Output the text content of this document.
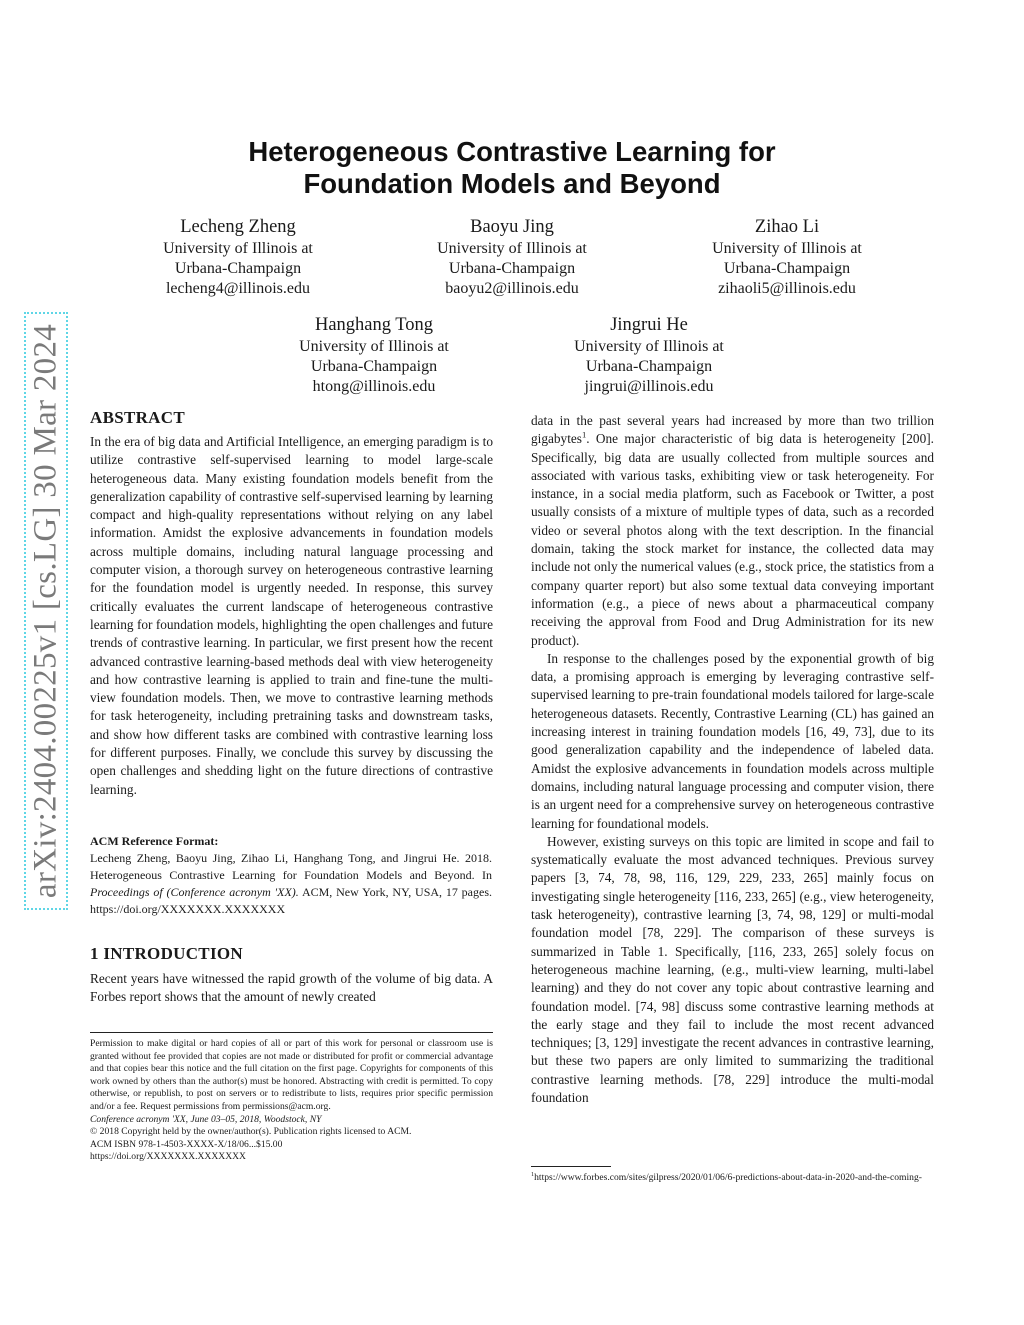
arXiv:2404.00225v1 [cs.LG] 30 Mar 2024
Heterogeneous Contrastive Learning for
Foundation Models and Beyond
Lecheng Zheng
University of Illinois at
Urbana-Champaign
lecheng4@illinois.edu
Baoyu Jing
University of Illinois at
Urbana-Champaign
baoyu2@illinois.edu
Zihao Li
University of Illinois at
Urbana-Champaign
zihaoli5@illinois.edu
Hanghang Tong
University of Illinois at
Urbana-Champaign
htong@illinois.edu
Jingrui He
University of Illinois at
Urbana-Champaign
jingrui@illinois.edu
ABSTRACT

In the era of big data and Artificial Intelligence, an emerging paradigm is to utilize contrastive self-supervised learning to model large-scale heterogeneous data. Many existing foundation models benefit from the generalization capability of contrastive self-supervised learning by learning compact and high-quality representations without relying on any label information. Amidst the explosive advancements in foundation models across multiple domains, including natural language processing and computer vision, a thorough survey on heterogeneous contrastive learning for the foundation model is urgently needed. In response, this survey critically evaluates the current landscape of heterogeneous contrastive learning for foundation models, highlighting the open challenges and future trends of contrastive learning. In particular, we first present how the recent advanced contrastive learning-based methods deal with view heterogeneity and how contrastive learning is applied to train and fine-tune the multi-view foundation models. Then, we move to contrastive learning methods for task heterogeneity, including pretraining tasks and downstream tasks, and show how different tasks are combined with contrastive learning loss for different purposes. Finally, we conclude this survey by discussing the open challenges and shedding light on the future directions of contrastive learning.

ACM Reference Format:
Lecheng Zheng, Baoyu Jing, Zihao Li, Hanghang Tong, and Jingrui He. 2018. Heterogeneous Contrastive Learning for Foundation Models and Beyond. In Proceedings of (Conference acronym 'XX). ACM, New York, NY, USA, 17 pages. https://doi.org/XXXXXXX.XXXXXXX
1 INTRODUCTION

Recent years have witnessed the rapid growth of the volume of big data. A Forbes report shows that the amount of newly created

Permission to make digital or hard copies of all or part of this work for personal or classroom use is granted without fee provided that copies are not made or distributed for profit or commercial advantage and that copies bear this notice and the full citation on the first page. Copyrights for components of this work owned by others than the author(s) must be honored. Abstracting with credit is permitted. To copy otherwise, or republish, to post on servers or to redistribute to lists, requires prior specific permission and/or a fee. Request permissions from permissions@acm.org.
Conference acronym 'XX, June 03–05, 2018, Woodstock, NY
© 2018 Copyright held by the owner/author(s). Publication rights licensed to ACM.
ACM ISBN 978-1-4503-XXXX-X/18/06...$15.00
https://doi.org/XXXXXXX.XXXXXXX

data in the past several years had increased by more than two trillion gigabytes$^1$. One major characteristic of big data is heterogeneity [200]. Specifically, big data are usually collected from multiple sources and associated with various tasks, exhibiting view or task heterogeneity. For instance, in a social media platform, such as Facebook or Twitter, a post usually consists of a mixture of multiple types of data, such as a recorded video or several photos along with the text description. In the financial domain, taking the stock market for instance, the collected data may include not only the numerical values (e.g., stock price, the statistics from a company quarter report) but also some textual data conveying important information (e.g., a piece of news about a pharmaceutical company receiving the approval from Food and Drug Administration for its new product).

In response to the challenges posed by the exponential growth of big data, a promising approach is emerging by leveraging contrastive self-supervised learning to pre-train foundational models tailored for large-scale heterogeneous datasets. Recently, Contrastive Learning (CL) has gained an increasing interest in training foundation models [16, 49, 73], due to its good generalization capability and the independence of labeled data. Amidst the explosive advancements in foundation models across multiple domains, including natural language processing and computer vision, there is an urgent need for a comprehensive survey on heterogeneous contrastive learning for foundational models.

However, existing surveys on this topic are limited in scope and fail to systematically evaluate the most advanced techniques. Previous survey papers [3, 74, 78, 98, 116, 129, 229, 233, 265] mainly focus on investigating single heterogeneity [116, 233, 265] (e.g., view heterogeneity, task heterogeneity), contrastive learning [3, 74, 98, 129] or multi-modal foundation model [78, 229]. The comparison of these surveys is summarized in Table 1. Specifically, [116, 233, 265] solely focus on heterogeneous machine learning, (e.g., multi-view learning, multi-label learning) and they do not cover any topic about contrastive learning and foundation model. [74, 98] discuss some contrastive learning methods at the early stage and they fail to include the most recent advanced techniques; [3, 129] investigate the recent advances in contrastive learning, but these two papers are only limited to summarizing the traditional contrastive learning methods. [78, 229] introduce the multi-modal foundation

$^1$https://www.forbes.com/sites/gilpress/2020/01/06/6-predictions-about-data-in-2020-and-the-coming-
